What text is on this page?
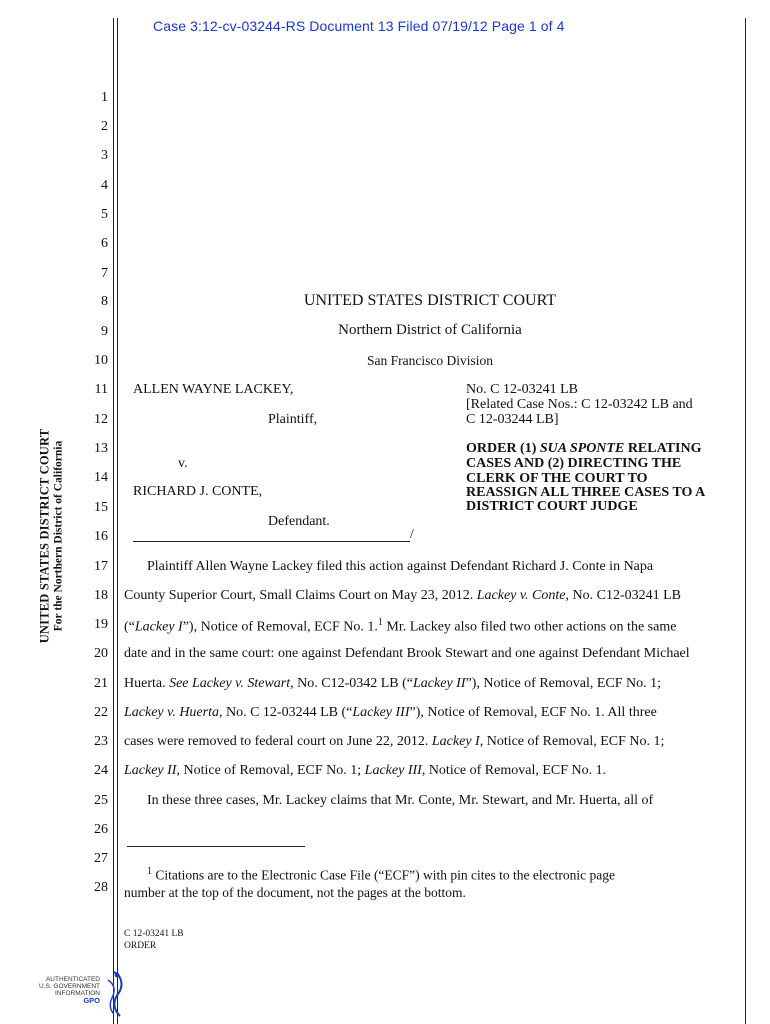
Case 3:12-cv-03244-RS Document 13 Filed 07/19/12 Page 1 of 4
UNITED STATES DISTRICT COURT For the Northern District of California
1
2
3
4
5
6
7
8
9
10
11
12
13
14
15
16
17
18
19
20
21
22
23
24
25
26
27
28
UNITED STATES DISTRICT COURT
Northern District of California
San Francisco Division
ALLEN WAYNE LACKEY,
Plaintiff,
v.
RICHARD J. CONTE,
Defendant.
/
No. C 12-03241 LB
[Related Case Nos.: C 12-03242 LB and
C 12-03244 LB]
ORDER (1) SUA SPONTE RELATING
CASES AND (2) DIRECTING THE
CLERK OF THE COURT TO
REASSIGN ALL THREE CASES TO A
DISTRICT COURT JUDGE
Plaintiff Allen Wayne Lackey filed this action against Defendant Richard J. Conte in Napa
County Superior Court, Small Claims Court on May 23, 2012. Lackey v. Conte, No. C12-03241 LB
(“Lackey I”), Notice of Removal, ECF No. 1.$^1$ Mr. Lackey also filed two other actions on the same
date and in the same court: one against Defendant Brook Stewart and one against Defendant Michael
Huerta. See Lackey v. Stewart, No. C12-0342 LB (“Lackey II”), Notice of Removal, ECF No. 1;
Lackey v. Huerta, No. C 12-03244 LB (“Lackey III”), Notice of Removal, ECF No. 1. All three
cases were removed to federal court on June 22, 2012. Lackey I, Notice of Removal, ECF No. 1;
Lackey II, Notice of Removal, ECF No. 1; Lackey III, Notice of Removal, ECF No. 1.
In these three cases, Mr. Lackey claims that Mr. Conte, Mr. Stewart, and Mr. Huerta, all of
$^1$ Citations are to the Electronic Case File (“ECF”) with pin cites to the electronic page
number at the top of the document, not the pages at the bottom.
C 12-03241 LB
ORDER
AUTHENTICATED
U.S. GOVERNMENT
INFORMATION
GPO
